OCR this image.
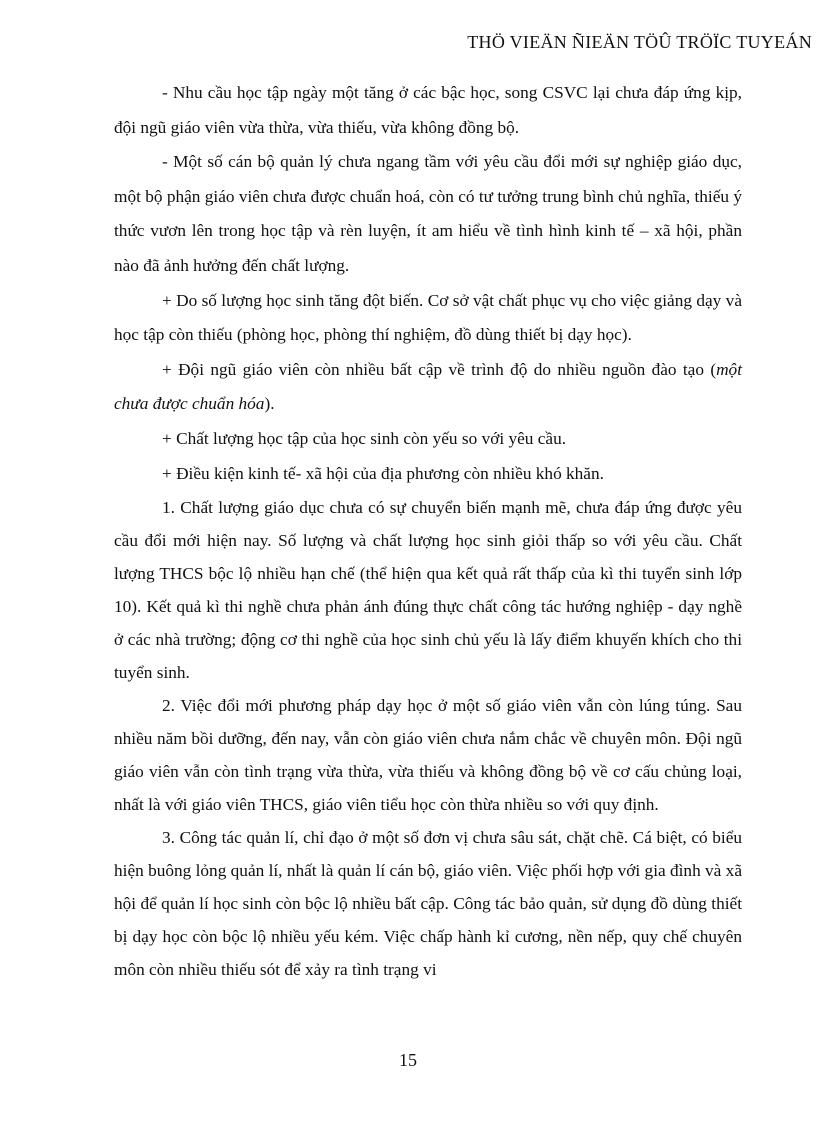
THÖ VIEÄN ÑIEÄN TÖÛ TRÖÏC TUYEÁN

- Nhu cầu học tập ngày một tăng ở các bậc học, song CSVC lại chưa đáp ứng kịp, đội ngũ giáo viên vừa thừa, vừa thiếu, vừa không đồng bộ.

- Một số cán bộ quản lý chưa ngang tầm với yêu cầu đổi mới sự nghiệp giáo dục, một bộ phận giáo viên chưa được chuẩn hoá, còn có tư tưởng trung bình chủ nghĩa, thiếu ý thức vươn lên trong học tập và rèn luyện, ít am hiểu về tình hình kinh tế – xã hội, phần nào đã ảnh hưởng đến chất lượng.

+ Do số lượng học sinh tăng đột biến. Cơ sở vật chất phục vụ cho việc giảng dạy và học tập còn thiếu (phòng học, phòng thí nghiệm, đồ dùng thiết bị dạy học).

+ Đội ngũ giáo viên còn nhiều bất cập về trình độ do nhiều nguồn đào tạo (một chưa được chuẩn hóa).

+ Chất lượng học tập của học sinh còn yếu so với yêu cầu.

+ Điều kiện kinh tế- xã hội của địa phương còn nhiều khó khăn.

1. Chất lượng giáo dục chưa có sự chuyển biến mạnh mẽ, chưa đáp ứng được yêu cầu đổi mới hiện nay. Số lượng và chất lượng học sinh giỏi thấp so với yêu cầu. Chất lượng THCS bộc lộ nhiều hạn chế (thể hiện qua kết quả rất thấp của kì thi tuyển sinh lớp 10). Kết quả kì thi nghề chưa phản ánh đúng thực chất công tác hướng nghiệp - dạy nghề ở các nhà trường; động cơ thi nghề của học sinh chủ yếu là lấy điểm khuyến khích cho thi tuyển sinh.

2. Việc đổi mới phương pháp dạy học ở một số giáo viên vẫn còn lúng túng. Sau nhiều năm bồi dưỡng, đến nay, vẫn còn giáo viên chưa nắm chắc về chuyên môn. Đội ngũ giáo viên vẫn còn tình trạng vừa thừa, vừa thiếu và không đồng bộ về cơ cấu chủng loại, nhất là với giáo viên THCS, giáo viên tiểu học còn thừa nhiều so với quy định.

3. Công tác quản lí, chỉ đạo ở một số đơn vị chưa sâu sát, chặt chẽ. Cá biệt, có biểu hiện buông lỏng quản lí, nhất là quản lí cán bộ, giáo viên. Việc phối hợp với gia đình và xã hội để quản lí học sinh còn bộc lộ nhiều bất cập. Công tác bảo quản, sử dụng đồ dùng thiết bị dạy học còn bộc lộ nhiều yếu kém. Việc chấp hành kỉ cương, nền nếp, quy chế chuyên môn còn nhiều thiếu sót để xảy ra tình trạng vi

15
